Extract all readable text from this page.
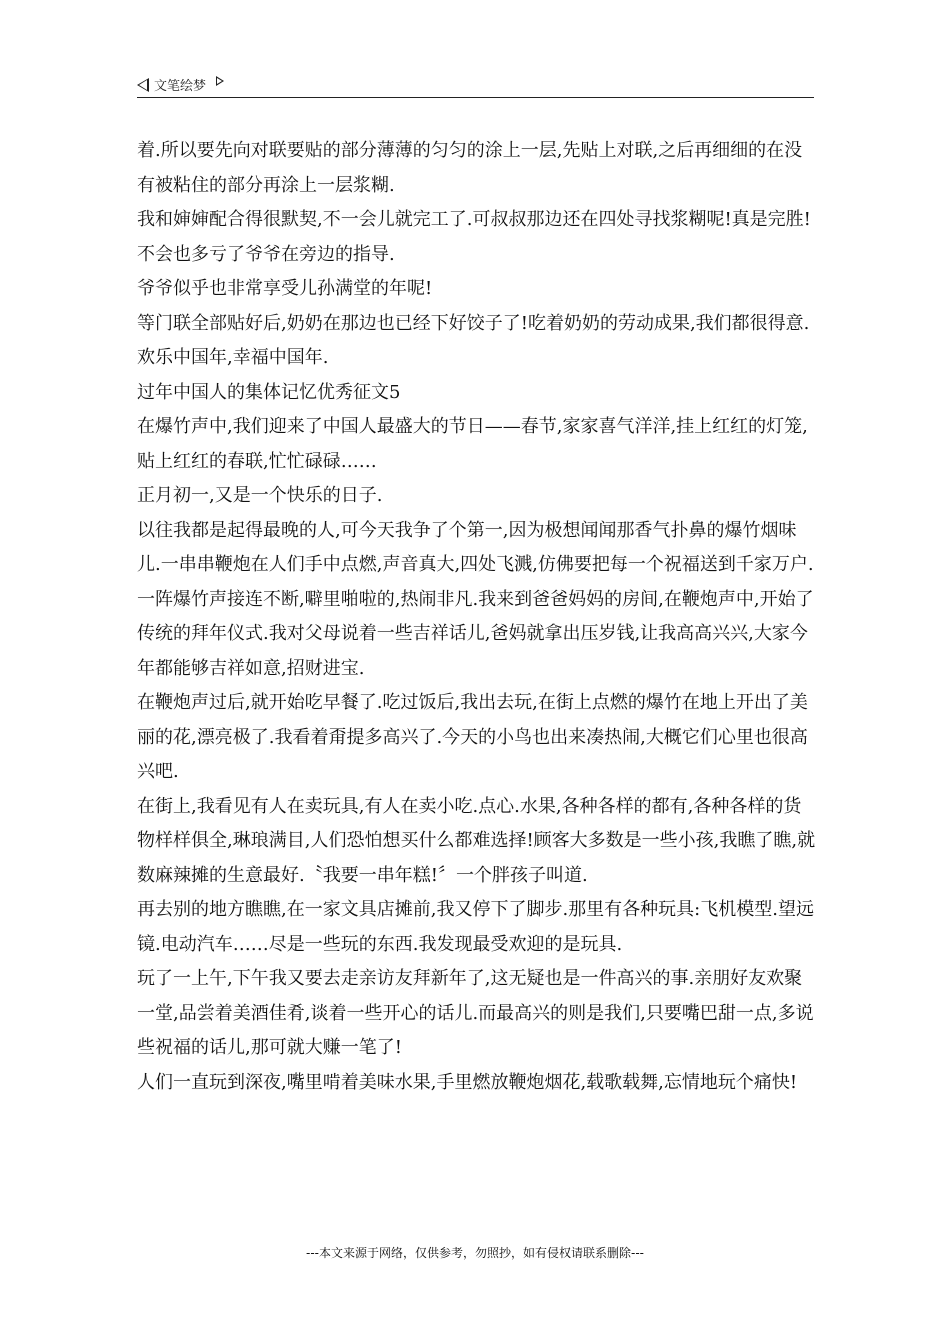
文笔绘梦

着.所以要先向对联要贴的部分薄薄的匀匀的涂上一层,先贴上对联,之后再细细的在没有被粘住的部分再涂上一层浆糊.

我和婶婶配合得很默契,不一会儿就完工了.可叔叔那边还在四处寻找浆糊呢!真是完胜!不会也多亏了爷爷在旁边的指导.

爷爷似乎也非常享受儿孙满堂的年呢!

等门联全部贴好后,奶奶在那边也已经下好饺子了!吃着奶奶的劳动成果,我们都很得意.

欢乐中国年,幸福中国年.

过年中国人的集体记忆优秀征文5

在爆竹声中,我们迎来了中国人最盛大的节日——春节,家家喜气洋洋,挂上红红的灯笼,贴上红红的春联,忙忙碌碌……

正月初一,又是一个快乐的日子.

以往我都是起得最晚的人,可今天我争了个第一,因为极想闻闻那香气扑鼻的爆竹烟味儿.一串串鞭炮在人们手中点燃,声音真大,四处飞溅,仿佛要把每一个祝福送到千家万户.一阵爆竹声接连不断,噼里啪啦的,热闹非凡.我来到爸爸妈妈的房间,在鞭炮声中,开始了传统的拜年仪式.我对父母说着一些吉祥话儿,爸妈就拿出压岁钱,让我高高兴兴,大家今年都能够吉祥如意,招财进宝.

在鞭炮声过后,就开始吃早餐了.吃过饭后,我出去玩,在街上点燃的爆竹在地上开出了美丽的花,漂亮极了.我看着甭提多高兴了.今天的小鸟也出来凑热闹,大概它们心里也很高兴吧.

在街上,我看见有人在卖玩具,有人在卖小吃.点心.水果,各种各样的都有,各种各样的货物样样俱全,琳琅满目,人们恐怕想买什么都难选择!顾客大多数是一些小孩,我瞧了瞧,就数麻辣摊的生意最好.〝我要一串年糕!〞一个胖孩子叫道.

再去别的地方瞧瞧,在一家文具店摊前,我又停下了脚步.那里有各种玩具:飞机模型.望远镜.电动汽车……尽是一些玩的东西.我发现最受欢迎的是玩具.

玩了一上午,下午我又要去走亲访友拜新年了,这无疑也是一件高兴的事.亲朋好友欢聚一堂,品尝着美酒佳肴,谈着一些开心的话儿.而最高兴的则是我们,只要嘴巴甜一点,多说些祝福的话儿,那可就大赚一笔了!

人们一直玩到深夜,嘴里啃着美味水果,手里燃放鞭炮烟花,载歌载舞,忘情地玩个痛快!

---本文来源于网络，仅供参考，勿照抄，如有侵权请联系删除---
